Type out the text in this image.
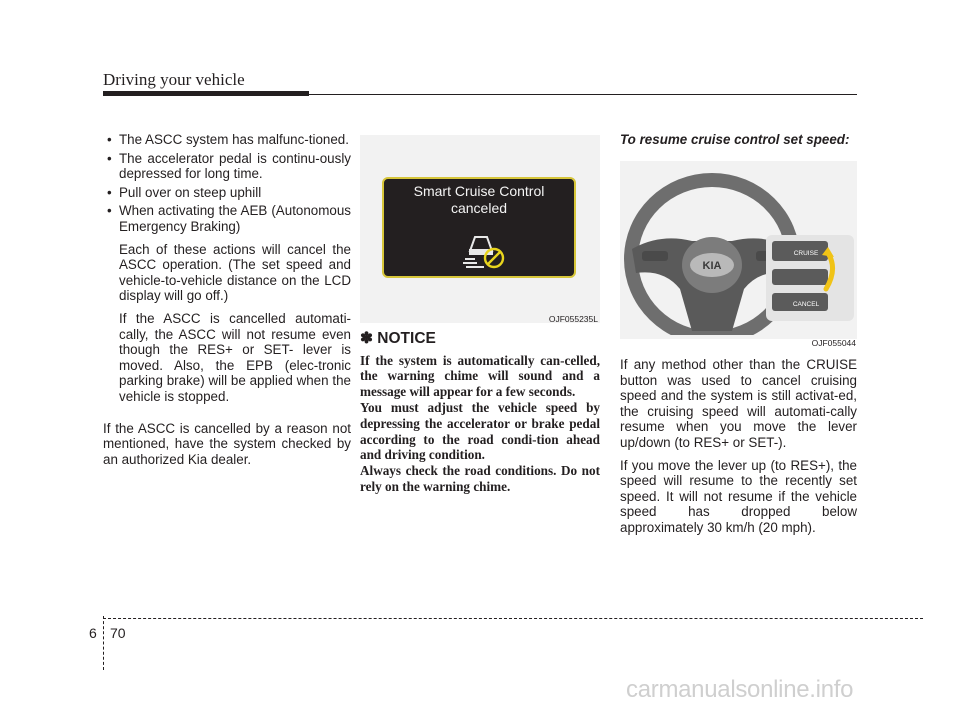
Driving your vehicle
• The ASCC system has malfunc-tioned.
• The accelerator pedal is continu-ously depressed for long time.
• Pull over on steep uphill
• When activating the AEB (Autonomous Emergency Braking)

Each of these actions will cancel the ASCC operation. (The set speed and vehicle-to-vehicle distance on the LCD display will go off.)

If the ASCC is cancelled automati-cally, the ASCC will not resume even though the RES+ or SET- lever is moved. Also, the EPB (elec-tronic parking brake) will be applied when the vehicle is stopped.

If the ASCC is cancelled by a reason not mentioned, have the system checked by an authorized Kia dealer.

Smart Cruise Control
canceled
OJF055235L
✽ NOTICE

If the system is automatically can-celled, the warning chime will sound and a message will appear for a few seconds.
You must adjust the vehicle speed by depressing the accelerator or brake pedal according to the road condi-tion ahead and driving condition.
Always check the road conditions. Do not rely on the warning chime.

To resume cruise control set speed:
KIA
CRUISE
CANCEL
OJF055044

If any method other than the CRUISE button was used to cancel cruising speed and the system is still activat-ed, the cruising speed will automati-cally resume when you move the lever up/down (to RES+ or SET-).

If you move the lever up (to RES+), the speed will resume to the recently set speed. It will not resume if the vehicle speed has dropped below approximately 30 km/h (20 mph).

6 70
carmanualsonline.info
